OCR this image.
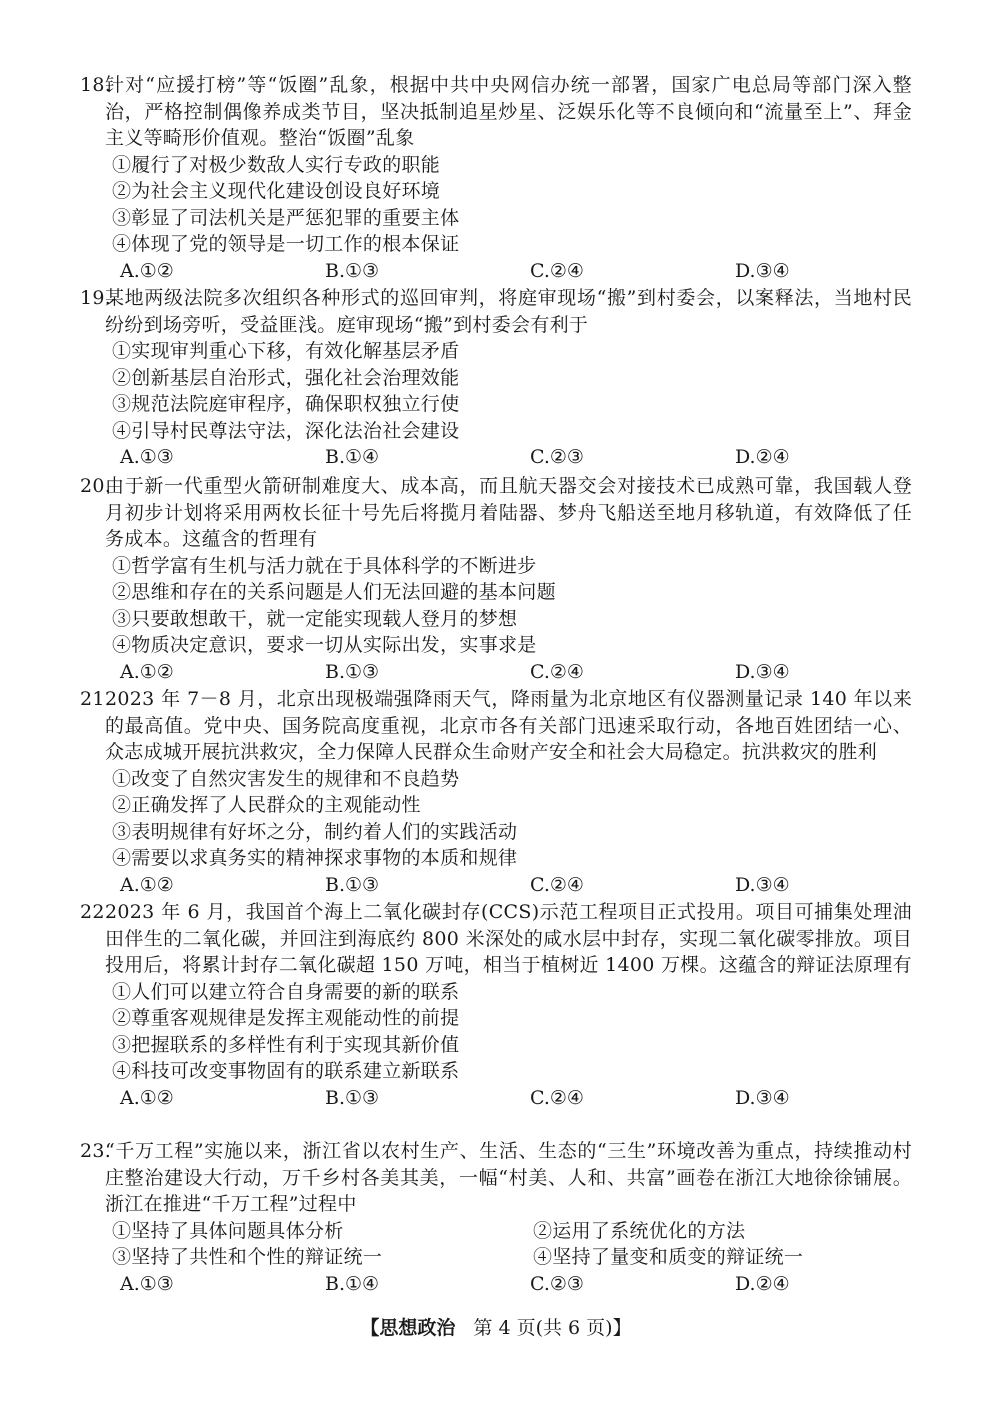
18.
针对“应援打榜”等“饭圈”乱象，根据中共中央网信办统一部署，国家广电总局等部门深入整治，严格控制偶像养成类节目，坚决抵制追星炒星、泛娱乐化等不良倾向和“流量至上”、拜金主义等畸形价值观。整治“饭圈”乱象
①履行了对极少数敌人实行专政的职能
②为社会主义现代化建设创设良好环境
③彰显了司法机关是严惩犯罪的重要主体
④体现了党的领导是一切工作的根本保证
A.①②	B.①③	C.②④	D.③④
19.
某地两级法院多次组织各种形式的巡回审判，将庭审现场“搬”到村委会，以案释法，当地村民纷纷到场旁听，受益匪浅。庭审现场“搬”到村委会有利于
①实现审判重心下移，有效化解基层矛盾
②创新基层自治形式，强化社会治理效能
③规范法院庭审程序，确保职权独立行使
④引导村民尊法守法，深化法治社会建设
A.①③	B.①④	C.②③	D.②④
20.
由于新一代重型火箭研制难度大、成本高，而且航天器交会对接技术已成熟可靠，我国载人登月初步计划将采用两枚长征十号先后将揽月着陆器、梦舟飞船送至地月移轨道，有效降低了任务成本。这蕴含的哲理有
①哲学富有生机与活力就在于具体科学的不断进步
②思维和存在的关系问题是人们无法回避的基本问题
③只要敢想敢干，就一定能实现载人登月的梦想
④物质决定意识，要求一切从实际出发，实事求是
A.①②	B.①③	C.②④	D.③④
21.
2023 年 7－8 月，北京出现极端强降雨天气，降雨量为北京地区有仪器测量记录 140 年以来的最高值。党中央、国务院高度重视，北京市各有关部门迅速采取行动，各地百姓团结一心、众志成城开展抗洪救灾，全力保障人民群众生命财产安全和社会大局稳定。抗洪救灾的胜利
①改变了自然灾害发生的规律和不良趋势
②正确发挥了人民群众的主观能动性
③表明规律有好坏之分，制约着人们的实践活动
④需要以求真务实的精神探求事物的本质和规律
A.①②	B.①③	C.②④	D.③④
22.
2023 年 6 月，我国首个海上二氧化碳封存(CCS)示范工程项目正式投用。项目可捕集处理油田伴生的二氧化碳，并回注到海底约 800 米深处的咸水层中封存，实现二氧化碳零排放。项目投用后，将累计封存二氧化碳超 150 万吨，相当于植树近 1400 万棵。这蕴含的辩证法原理有
①人们可以建立符合自身需要的新的联系
②尊重客观规律是发挥主观能动性的前提
③把握联系的多样性有利于实现其新价值
④科技可改变事物固有的联系建立新联系
A.①②	B.①③	C.②④	D.③④
23.
“千万工程”实施以来，浙江省以农村生产、生活、生态的“三生”环境改善为重点，持续推动村庄整治建设大行动，万千乡村各美其美，一幅“村美、人和、共富”画卷在浙江大地徐徐铺展。浙江在推进“千万工程”过程中
①坚持了具体问题具体分析	②运用了系统优化的方法
③坚持了共性和个性的辩证统一	④坚持了量变和质变的辩证统一
A.①③	B.①④	C.②③	D.②④
【思想政治 第 4 页(共 6 页)】
